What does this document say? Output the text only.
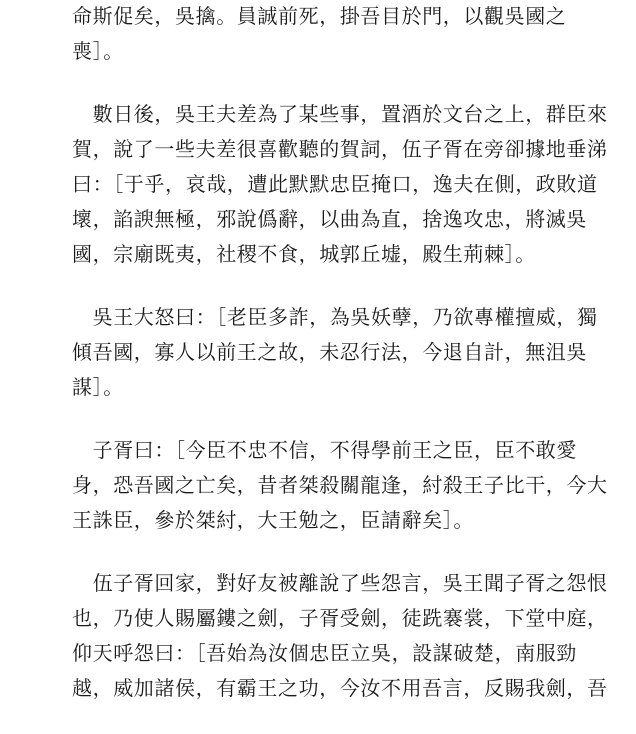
命斯促矣，吳擒。員誠前死，掛吾目於門，以觀吳國之
喪］。

　數日後，吳王夫差為了某些事，置酒於文台之上，群臣來
賀，說了一些夫差很喜歡聽的賀詞，伍子胥在旁卻據地垂涕
曰：［于乎，哀哉，遭此默默忠臣掩口，逸夫在側，政敗道
壞，諂諛無極，邪說僞辭，以曲為直，捨逸攻忠，將滅吳
國，宗廟既夷，社稷不食，城郭丘墟，殿生荊棘］。

　吳王大怒曰：［老臣多詐，為吳妖孽，乃欲專權擅威，獨
傾吾國，寡人以前王之故，未忍行法，今退自計，無沮吳
謀］。

　子胥曰：［今臣不忠不信，不得學前王之臣，臣不敢愛
身，恐吾國之亡矣，昔者桀殺關龍逢，紂殺王子比干，今大
王誅臣，參於桀紂，大王勉之，臣請辭矣］。

　伍子胥回家，對好友被離說了些怨言，吳王聞子胥之怨恨
也，乃使人賜屬鏤之劍，子胥受劍，徒跣褰裳，下堂中庭，
仰天呼怨曰：［吾始為汝個忠臣立吳，設謀破楚，南服勁
越，威加諸侯，有霸王之功，今汝不用吾言，反賜我劍，吾
